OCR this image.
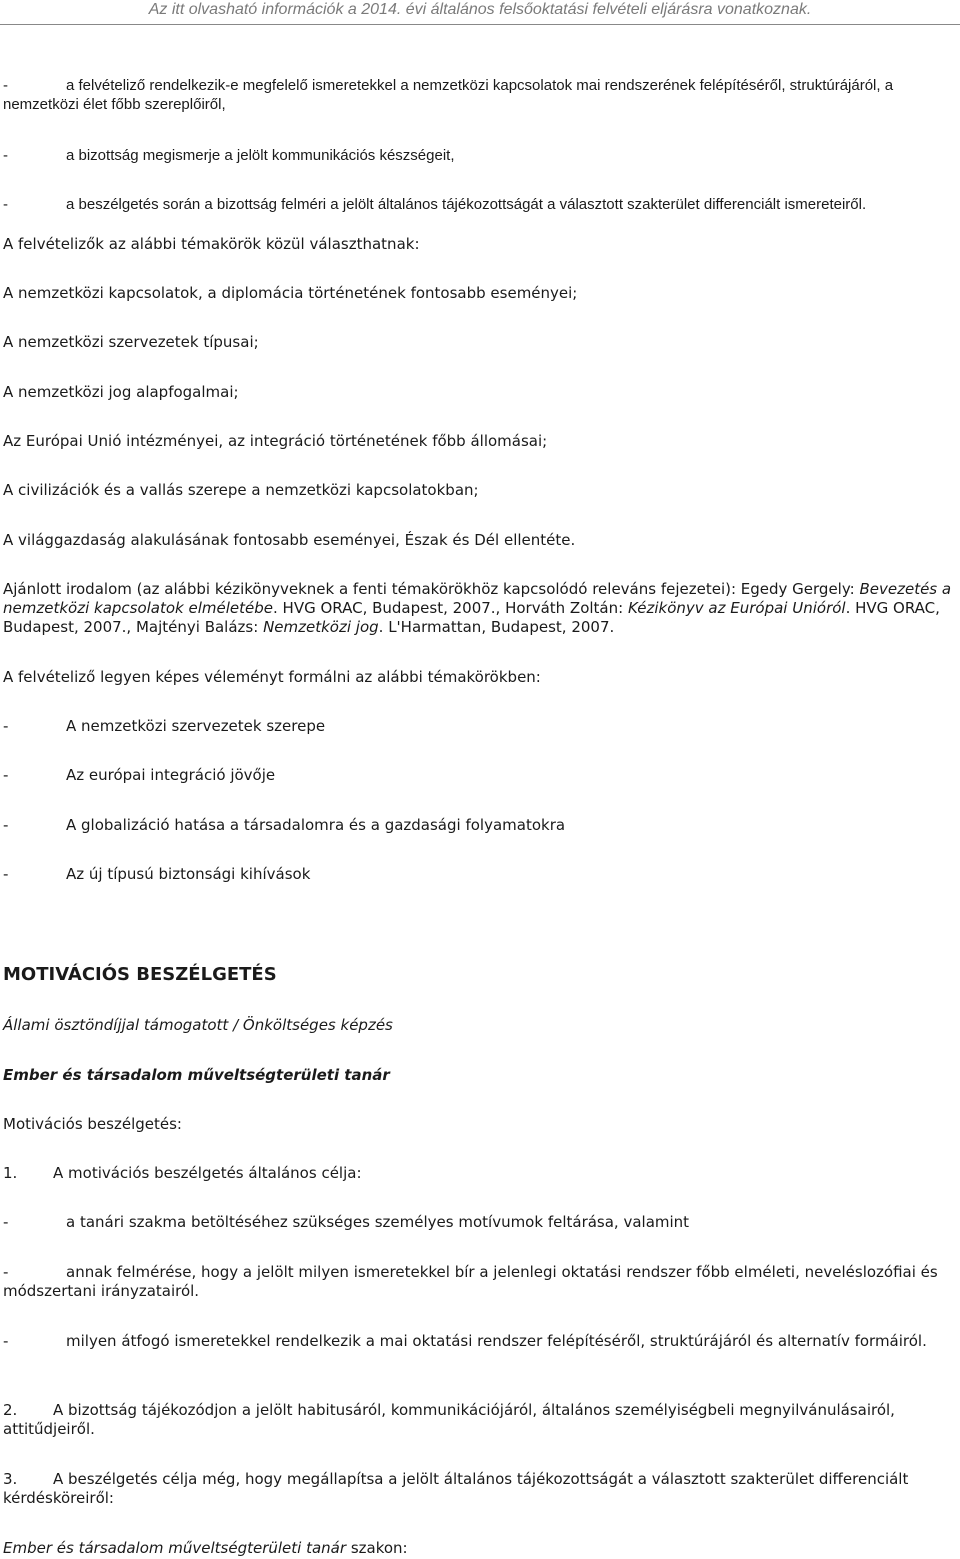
Az itt olvasható információk a 2014. évi általános felsőoktatási felvételi eljárásra vonatkoznak.

-	a felvételiző rendelkezik-e megfelelő ismeretekkel a nemzetközi kapcsolatok mai rendszerének felépítéséről, struktúrájáról, a nemzetközi élet főbb szereplőiről,

-	a bizottság megismerje a jelölt kommunikációs készségeit,

-	a beszélgetés során a bizottság felméri a jelölt általános tájékozottságát a választott szakterület differenciált ismereteiről.

A felvételizők az alábbi témakörök közül választhatnak:

A nemzetközi kapcsolatok, a diplomácia történetének fontosabb eseményei;

A nemzetközi szervezetek típusai;

A nemzetközi jog alapfogalmai;

Az Európai Unió intézményei, az integráció történetének főbb állomásai;

A civilizációk és a vallás szerepe a nemzetközi kapcsolatokban;

A világgazdaság alakulásának fontosabb eseményei, Észak és Dél ellentéte.

Ajánlott irodalom (az alábbi kézikönyveknek a fenti témakörökhöz kapcsolódó releváns fejezetei): Egedy Gergely: Bevezetés a nemzetközi kapcsolatok elméletébe. HVG ORAC, Budapest, 2007., Horváth Zoltán: Kézikönyv az Európai Unióról. HVG ORAC, Budapest, 2007., Majtényi Balázs: Nemzetközi jog. L'Harmattan, Budapest, 2007.

A felvételiző legyen képes véleményt formálni az alábbi témakörökben:

-	A nemzetközi szervezetek szerepe

-	Az európai integráció jövője

-	A globalizáció hatása a társadalomra és a gazdasági folyamatokra

-	Az új típusú biztonsági kihívások

MOTIVÁCIÓS BESZÉLGETÉS

Állami ösztöndíjjal támogatott / Önköltséges képzés

Ember és társadalom műveltségterületi tanár

Motivációs beszélgetés:

1. A motivációs beszélgetés általános célja:

-	a tanári szakma betöltéséhez szükséges személyes motívumok feltárása, valamint

-	annak felmérése, hogy a jelölt milyen ismeretekkel bír a jelenlegi oktatási rendszer főbb elméleti, neveléslozófiai és módszertani irányzatairól.

-	milyen átfogó ismeretekkel rendelkezik a mai oktatási rendszer felépítéséről, struktúrájáról és alternatív formáiról.

2. A bizottság tájékozódjon a jelölt habitusáról, kommunikációjáról, általános személyiségbeli megnyilvánulásairól, attitűdjeiről.

3. A beszélgetés célja még, hogy megállapítsa a jelölt általános tájékozottságát a választott szakterület differenciált kérdésköreiről:

Ember és társadalom műveltségterületi tanár szakon:
